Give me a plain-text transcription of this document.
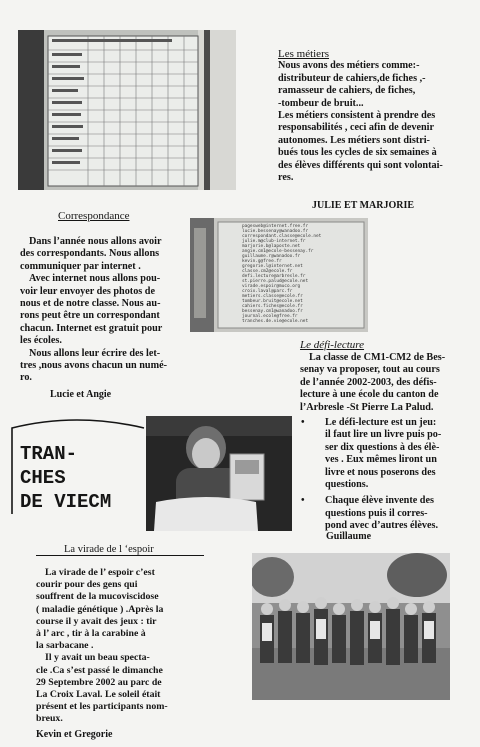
Les métiers
Nous avons des métiers comme:-
distributeur de cahiers,de fiches ,-
ramasseur de cahiers, de fiches,
-tombeur de bruit...
Les métiers consistent à prendre des
responsabilités , ceci afin de devenir
autonomes. Les métiers sont distri-
bués tous les cycles de six semaines à
des élèves différents qui sont volontai-
res.
JULIE ET MARJORIE
Correspondance
Dans l’année nous allons avoir
des correspondants. Nous allons
communiquer par internet .
Avec internet nous allons pou-
voir leur envoyer des photos de
nous et de notre classe. Nous au-
rons peut être un correspondant
chacun. Internet est gratuit pour
les écoles.
Nous allons leur écrire des let-
tres ,nous avons chacun un numé-
ro.
Lucie et Angie
pagesweb@internet.free.fr
lucie.bessenay@wanadoo.fr
correspondant.classe@ecole.net
julie.m@club-internet.fr
marjorie.b@laposte.net
angie.cm1@ecole-bessenay.fr
guillaume.r@wanadoo.fr
kevin.g@free.fr
gregorie.l@internet.net
classe.cm2@ecole.fr
defi.lecture@arbresle.fr
st.pierre.palud@ecole.net
virade.espoir@muco.org
croix.laval@parc.fr
metiers.classe@ecole.fr
tombeur.bruit@ecole.net
cahiers.fiches@ecole.fr
bessenay.cm1@wanadoo.fr
journal.ecole@free.fr
tranches.de.vie@ecole.net
Le défi-lecture
La classe de CM1-CM2 de Bes-
senay va proposer, tout au cours
de l’année 2002-2003, des défis-
lecture à une école du canton de
l’Arbresle -St Pierre La Palud.
• Le défi-lecture est un jeu:
il faut lire un livre puis po-
ser dix questions à des élè-
ves . Eux mêmes liront un
livre et nous poserons des
questions.
• Chaque élève invente des
questions puis il corres-
pond avec d’autres élèves.
Guillaume
TRAN-
CHES
DE VIECM
La virade de l ‘espoir
La virade de l’ espoir c’est
courir pour des gens qui
souffrent de la mucoviscidose
( maladie génétique ) .Après la
course il y avait des jeux : tir
à l’ arc , tir à la carabine à
la sarbacane .
Il y avait un beau specta-
cle .Ca s’est passé le dimanche
29 Septembre 2002 au parc de
La Croix Laval. Le soleil était
présent et les participants nom-
breux.
Kevin et Gregorie
